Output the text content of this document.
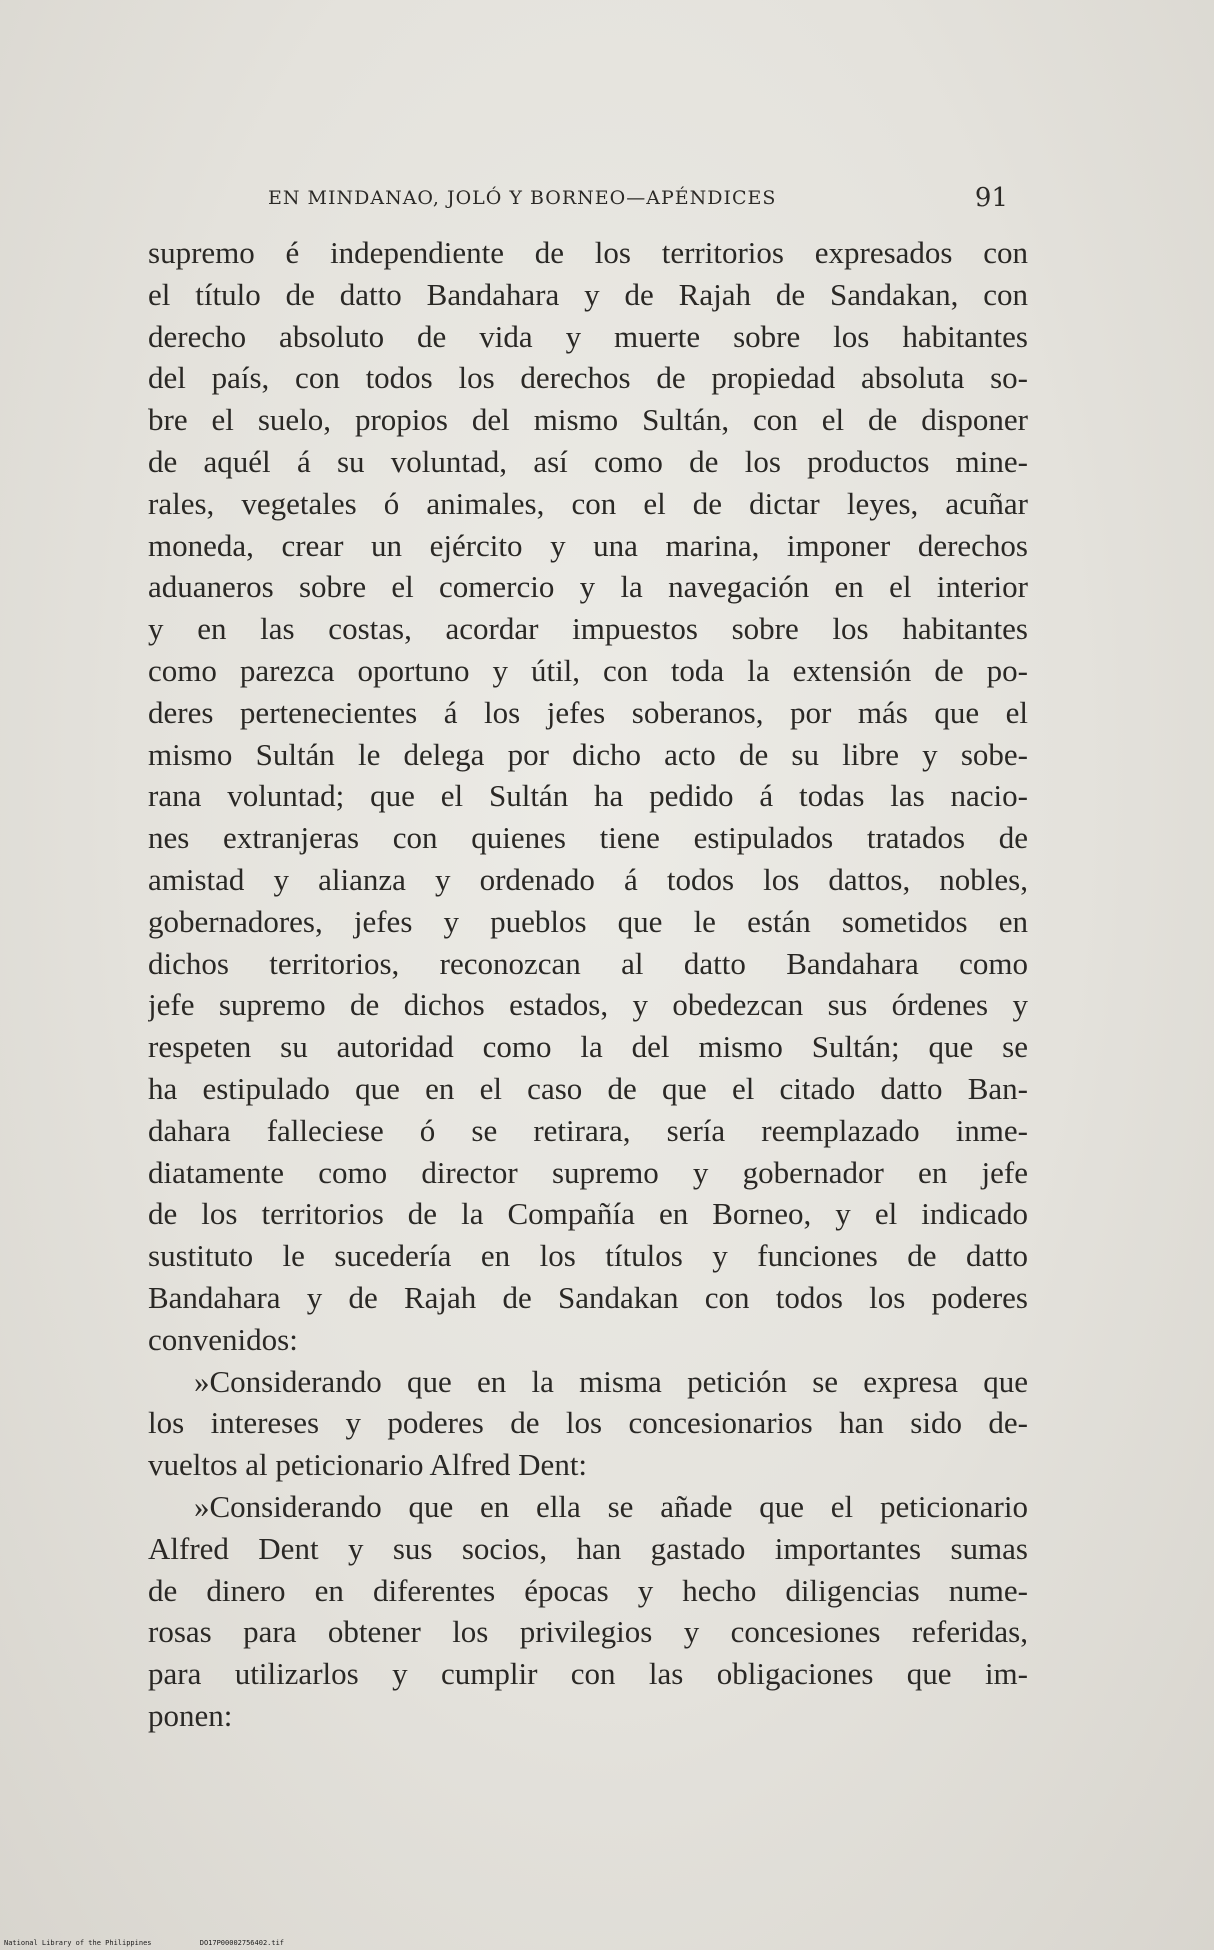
EN MINDANAO, JOLÓ Y BORNEO—APÉNDICES	91
supremo é independiente de los territorios expresados con
el título de datto Bandahara y de Rajah de Sandakan, con
derecho absoluto de vida y muerte sobre los habitantes
del país, con todos los derechos de propiedad absoluta so-
bre el suelo, propios del mismo Sultán, con el de disponer
de aquél á su voluntad, así como de los productos mine-
rales, vegetales ó animales, con el de dictar leyes, acuñar
moneda, crear un ejército y una marina, imponer derechos
aduaneros sobre el comercio y la navegación en el interior
y en las costas, acordar impuestos sobre los habitantes
como parezca oportuno y útil, con toda la extensión de po-
deres pertenecientes á los jefes soberanos, por más que el
mismo Sultán le delega por dicho acto de su libre y sobe-
rana voluntad; que el Sultán ha pedido á todas las nacio-
nes extranjeras con quienes tiene estipulados tratados de
amistad y alianza y ordenado á todos los dattos, nobles,
gobernadores, jefes y pueblos que le están sometidos en
dichos territorios, reconozcan al datto Bandahara como
jefe supremo de dichos estados, y obedezcan sus órdenes y
respeten su autoridad como la del mismo Sultán; que se
ha estipulado que en el caso de que el citado datto Ban-
dahara falleciese ó se retirara, sería reemplazado inme-
diatamente como director supremo y gobernador en jefe
de los territorios de la Compañía en Borneo, y el indicado
sustituto le sucedería en los títulos y funciones de datto
Bandahara y de Rajah de Sandakan con todos los poderes
convenidos:
»Considerando que en la misma petición se expresa que
los intereses y poderes de los concesionarios han sido de-
vueltos al peticionario Alfred Dent:
»Considerando que en ella se añade que el peticionario
Alfred Dent y sus socios, han gastado importantes sumas
de dinero en diferentes épocas y hecho diligencias nume-
rosas para obtener los privilegios y concesiones referidas,
para utilizarlos y cumplir con las obligaciones que im-
ponen:
National Library of the Philippines	DO17P00002756402.tif
